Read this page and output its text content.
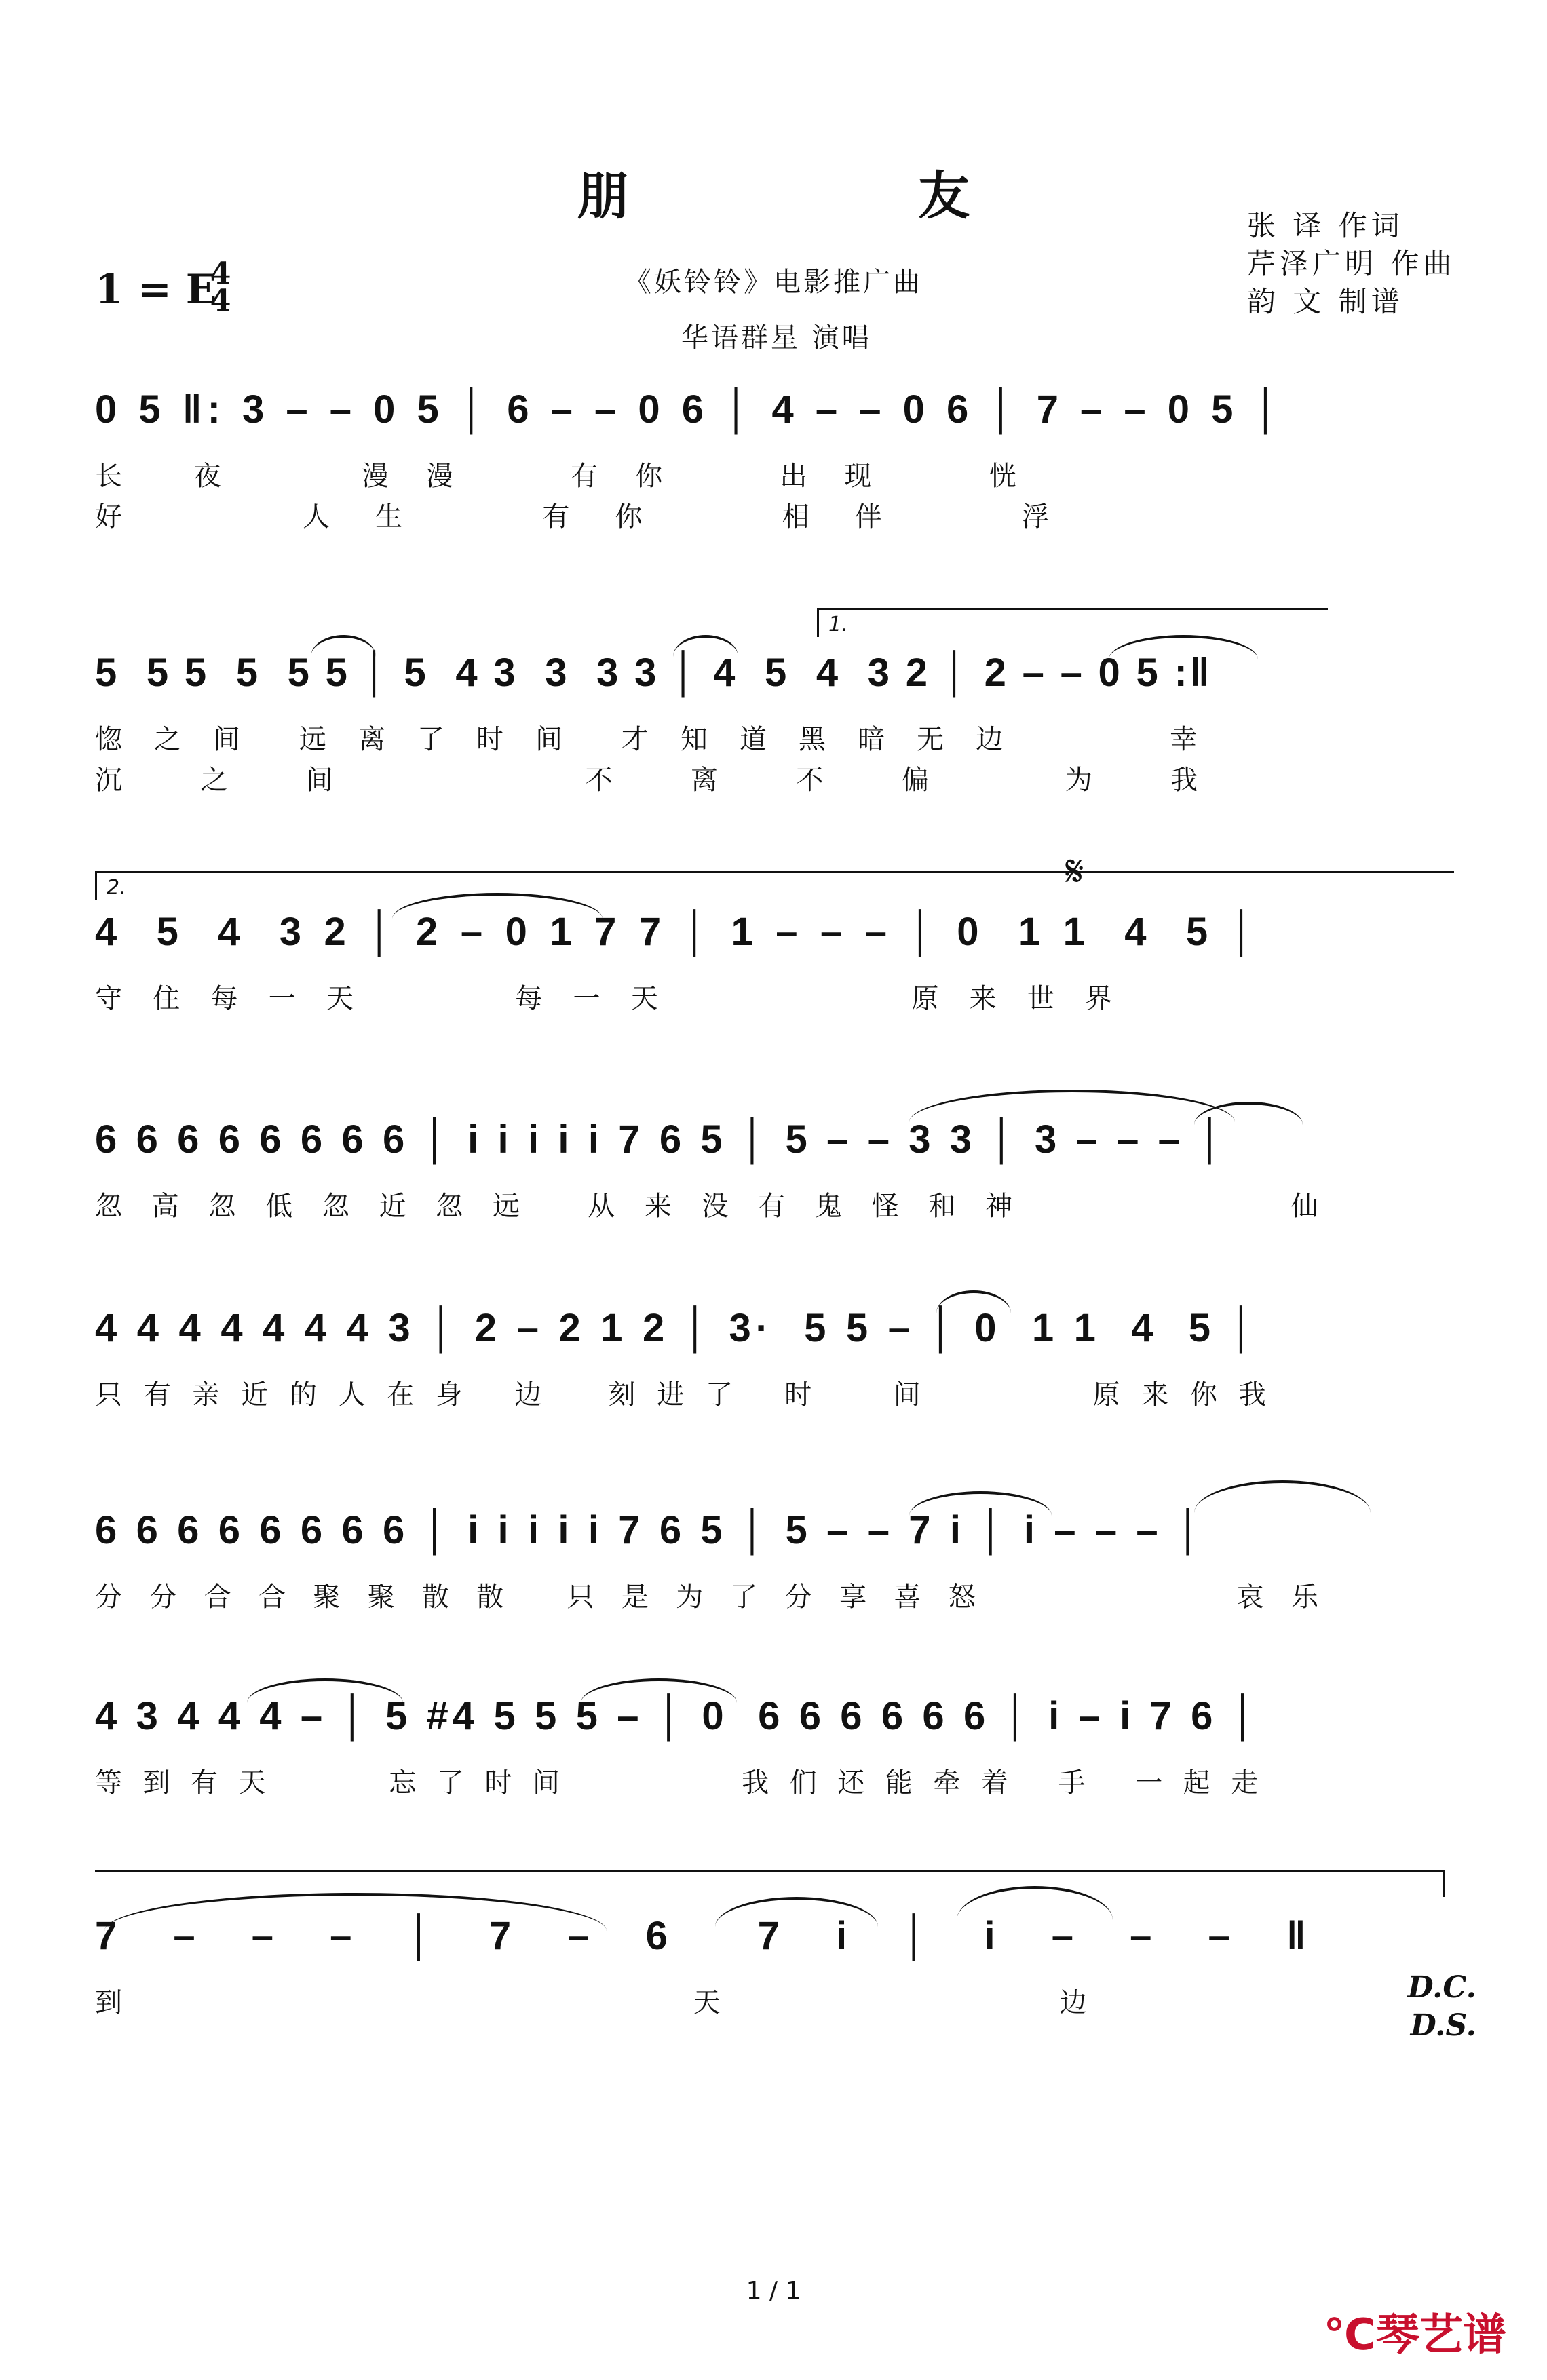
朋 友	张 译 作词
芹泽广明 作曲
韵 文 制谱
《妖铃铃》电影推广曲
华语群星 演唱
1 = E
4
4
0 5 ‖: 3 – – 0 5 │ 6 – – 0 6 │ 4 – – 0 6 │ 7 – – 0 5 │
长      夜            漫   漫          有   你          出   现          恍
好             人   生          有   你          相   伴          浮
1.
5  5 5  5  5 5 │ 5  4 3  3  3 3 │ 4  5  4  3 2 │ 2 – – 0 5 :‖
惚  之  间    远  离  了  时  间    才  知  道  黑  暗  无  边            幸
沉  之  间        不  离  不  偏    为  我
2.	𝄋
4  5  4  3 2 │ 2 – 0 1 7 7 │ 1 – – – │ 0  1 1  4  5 │
守  住  每  一  天            每  一  天                   原  来  世  界
6 6 6 6 6 6 6 6 │ i i i i i 7 6 5 │ 5 – – 3 3 │ 3 – – – │
忽 高 忽 低 忽 近 忽 远   从 来 没 有 鬼 怪 和 神              仙
4 4 4 4 4 4 4 3 │ 2 – 2 1 2 │ 3·  5 5 – │ 0  1 1  4  5 │
只 有 亲 近 的 人 在 身   边    刻 进 了   时     间           原 来 你 我
6 6 6 6 6 6 6 6 │ i i i i i 7 6 5 │ 5 – – 7 i │ i – – – │
分 分 合 合 聚 聚 散 散   只 是 为 了 分 享 喜 怒              哀 乐
4 3 4 4 4 – │ 5 #4 5 5 5 – │ 0  6 6 6 6 6 6 │ i – i 7 6 │
等 到 有 天        忘 了 时 间            我 们 还 能 牵 着   手   一 起 走
7 – – – │ 7 – 6  7 i │ i – – – ‖
到                   天           边	D.C.
D.S.
1 / 1
℃琴艺谱
